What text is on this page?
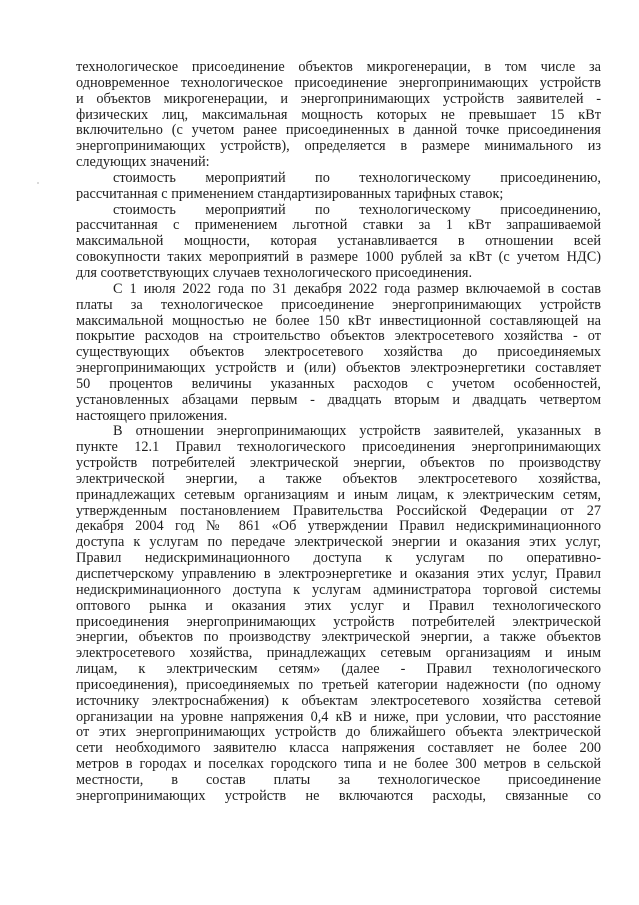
технологическое присоединение объектов микрогенерации, в том числе за
одновременное технологическое присоединение энергопринимающих устройств
и объектов микрогенерации, и энергопринимающих устройств заявителей -
физических лиц, максимальная мощность которых не превышает 15 кВт
включительно (с учетом ранее присоединенных в данной точке присоединения
энергопринимающих устройств), определяется в размере минимального из
следующих значений:
стоимость мероприятий по технологическому присоединению,
рассчитанная с применением стандартизированных тарифных ставок;
стоимость мероприятий по технологическому присоединению,
рассчитанная с применением льготной ставки за 1 кВт запрашиваемой
максимальной мощности, которая устанавливается в отношении всей
совокупности таких мероприятий в размере 1000 рублей за кВт (с учетом НДС)
для соответствующих случаев технологического присоединения.
С 1 июля 2022 года по 31 декабря 2022 года размер включаемой в состав
платы за технологическое присоединение энергопринимающих устройств
максимальной мощностью не более 150 кВт инвестиционной составляющей на
покрытие расходов на строительство объектов электросетевого хозяйства - от
существующих объектов электросетевого хозяйства до присоединяемых
энергопринимающих устройств и (или) объектов электроэнергетики составляет
50 процентов величины указанных расходов с учетом особенностей,
установленных абзацами первым - двадцать вторым и двадцать четвертом
настоящего приложения.
В отношении энергопринимающих устройств заявителей, указанных в
пункте 12.1 Правил технологического присоединения энергопринимающих
устройств потребителей электрической энергии, объектов по производству
электрической энергии, а также объектов электросетевого хозяйства,
принадлежащих сетевым организациям и иным лицам, к электрическим сетям,
утвержденным постановлением Правительства Российской Федерации от 27
декабря 2004 год № 861 «Об утверждении Правил недискриминационного
доступа к услугам по передаче электрической энергии и оказания этих услуг,
Правил недискриминационного доступа к услугам по оперативно-
диспетчерскому управлению в электроэнергетике и оказания этих услуг, Правил
недискриминационного доступа к услугам администратора торговой системы
оптового рынка и оказания этих услуг и Правил технологического
присоединения энергопринимающих устройств потребителей электрической
энергии, объектов по производству электрической энергии, а также объектов
электросетевого хозяйства, принадлежащих сетевым организациям и иным
лицам, к электрическим сетям» (далее - Правил технологического
присоединения), присоединяемых по третьей категории надежности (по одному
источнику электроснабжения) к объектам электросетевого хозяйства сетевой
организации на уровне напряжения 0,4 кВ и ниже, при условии, что расстояние
от этих энергопринимающих устройств до ближайшего объекта электрической
сети необходимого заявителю класса напряжения составляет не более 200
метров в городах и поселках городского типа и не более 300 метров в сельской
местности, в состав платы за технологическое присоединение
энергопринимающих устройств не включаются расходы, связанные со
